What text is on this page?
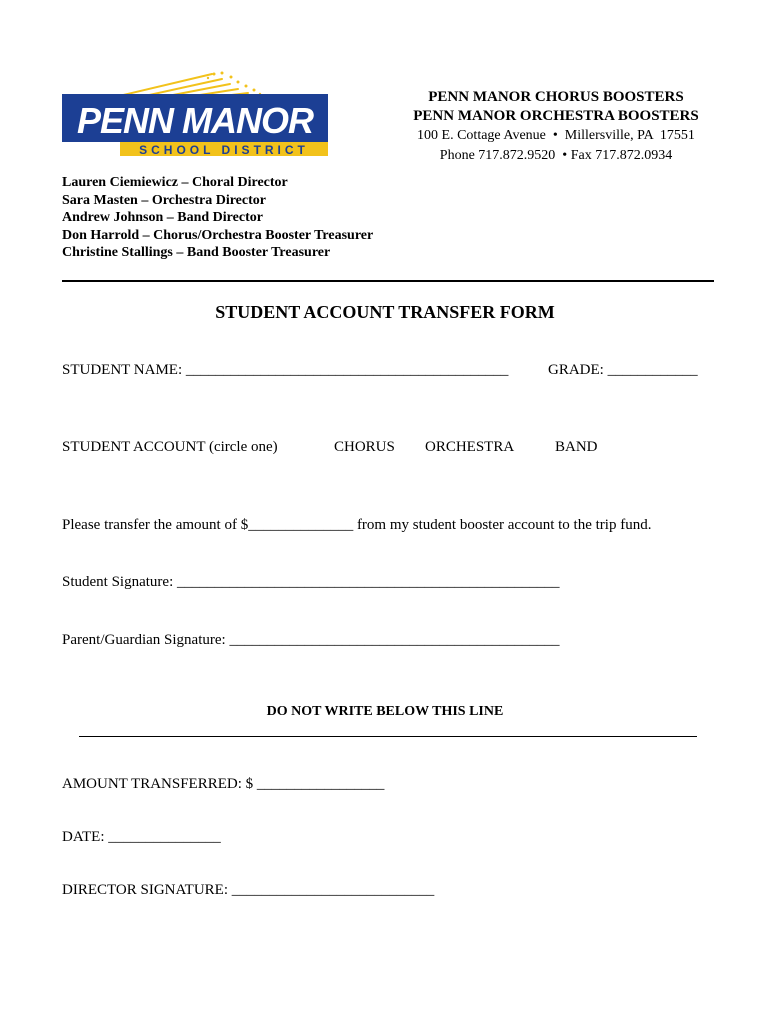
PENN MANOR
SCHOOL DISTRICT
PENN MANOR CHORUS BOOSTERS
PENN MANOR ORCHESTRA BOOSTERS
100 E. Cottage Avenue  •  Millersville, PA  17551
Phone 717.872.9520  • Fax 717.872.0934
Lauren Ciemiewicz – Choral Director
Sara Masten – Orchestra Director
Andrew Johnson – Band Director
Don Harrold – Chorus/Orchestra Booster Treasurer
Christine Stallings – Band Booster Treasurer
STUDENT ACCOUNT TRANSFER FORM
STUDENT NAME: ___________________________________________	GRADE: ____________
STUDENT ACCOUNT (circle one)	CHORUS ORCHESTRA	BAND
Please transfer the amount of $______________ from my student booster account to the trip fund.
Student Signature: ___________________________________________________
Parent/Guardian Signature: ____________________________________________
DO NOT WRITE BELOW THIS LINE
AMOUNT TRANSFERRED: $ _________________
DATE: _______________
DIRECTOR SIGNATURE: ___________________________
